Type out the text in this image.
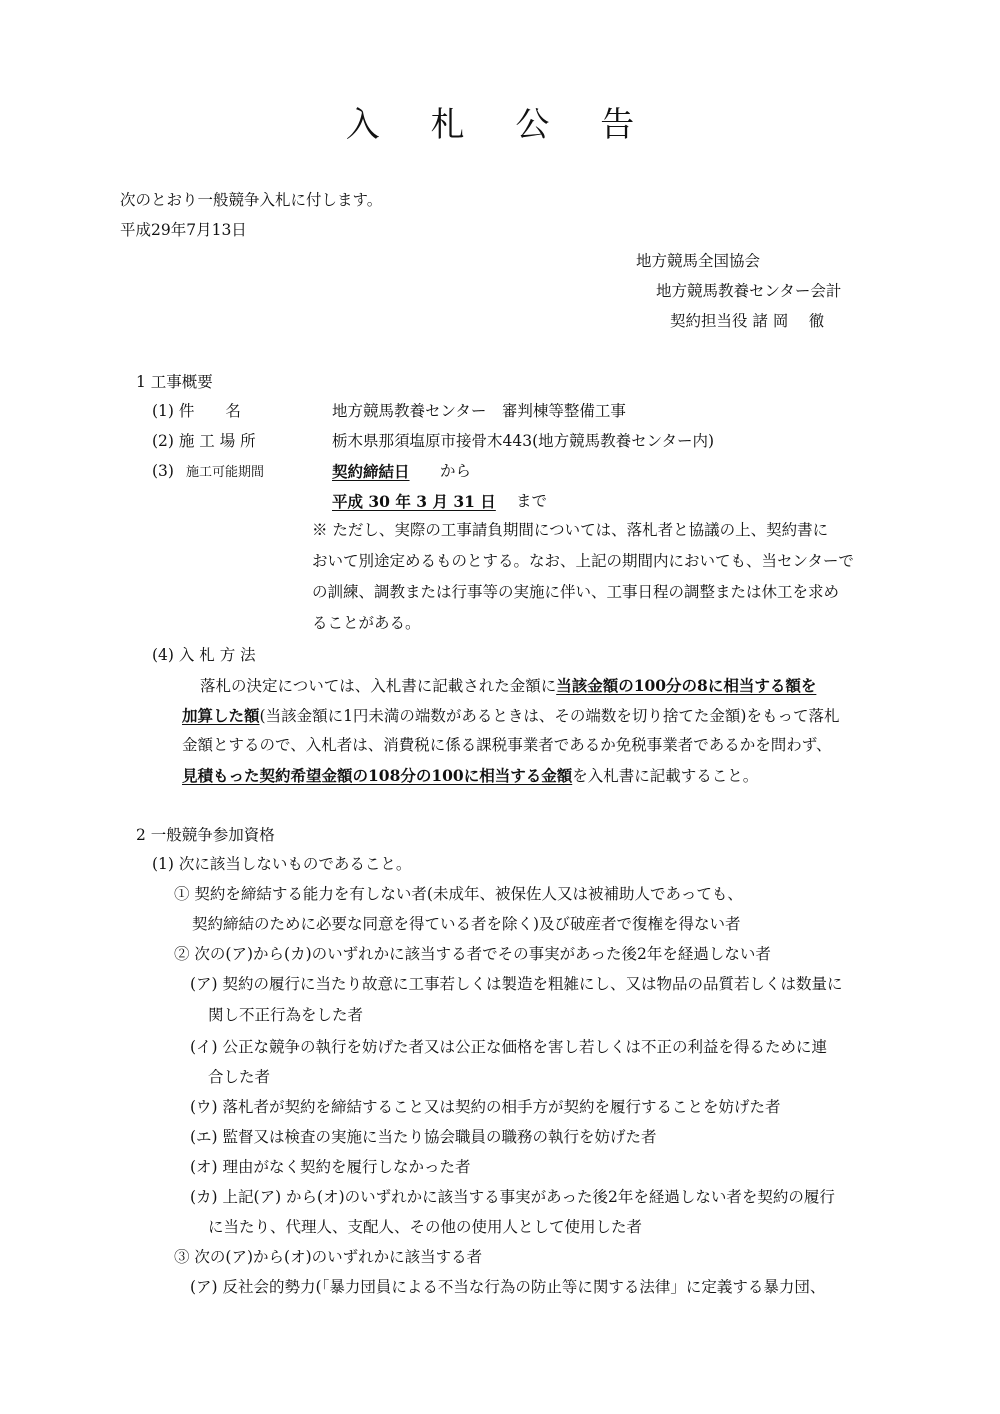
入 札 公 告
次のとおり一般競争入札に付します。
平成29年7月13日
地方競馬全国協会
地方競馬教養センター会計
契約担当役 諸 岡　 徹
1 工事概要
(1) 件　　名	地方競馬教養センター　審判棟等整備工事
(2) 施 工 場 所	栃木県那須塩原市接骨木443(地方競馬教養センター内)
(3) 施工可能期間	契約締結日 から
平成 30 年 3 月 31 日 まで
※ ただし、実際の工事請負期間については、落札者と協議の上、契約書に
おいて別途定めるものとする。なお、上記の期間内においても、当センターで
の訓練、調教または行事等の実施に伴い、工事日程の調整または休工を求め
ることがある。
(4) 入 札 方 法
落札の決定については、入札書に記載された金額に当該金額の100分の8に相当する額を
加算した額(当該金額に1円未満の端数があるときは、その端数を切り捨てた金額)をもって落札
金額とするので、入札者は、消費税に係る課税事業者であるか免税事業者であるかを問わず、
見積もった契約希望金額の108分の100に相当する金額を入札書に記載すること。
2 一般競争参加資格
(1) 次に該当しないものであること。
① 契約を締結する能力を有しない者(未成年、被保佐人又は被補助人であっても、
契約締結のために必要な同意を得ている者を除く)及び破産者で復権を得ない者
② 次の(ア)から(カ)のいずれかに該当する者でその事実があった後2年を経過しない者
(ア) 契約の履行に当たり故意に工事若しくは製造を粗雑にし、又は物品の品質若しくは数量に
関し不正行為をした者
(イ) 公正な競争の執行を妨げた者又は公正な価格を害し若しくは不正の利益を得るために連
合した者
(ウ) 落札者が契約を締結すること又は契約の相手方が契約を履行することを妨げた者
(エ) 監督又は検査の実施に当たり協会職員の職務の執行を妨げた者
(オ) 理由がなく契約を履行しなかった者
(カ) 上記(ア) から(オ)のいずれかに該当する事実があった後2年を経過しない者を契約の履行
に当たり、代理人、支配人、その他の使用人として使用した者
③ 次の(ア)から(オ)のいずれかに該当する者
(ア) 反社会的勢力(「暴力団員による不当な行為の防止等に関する法律」に定義する暴力団、
